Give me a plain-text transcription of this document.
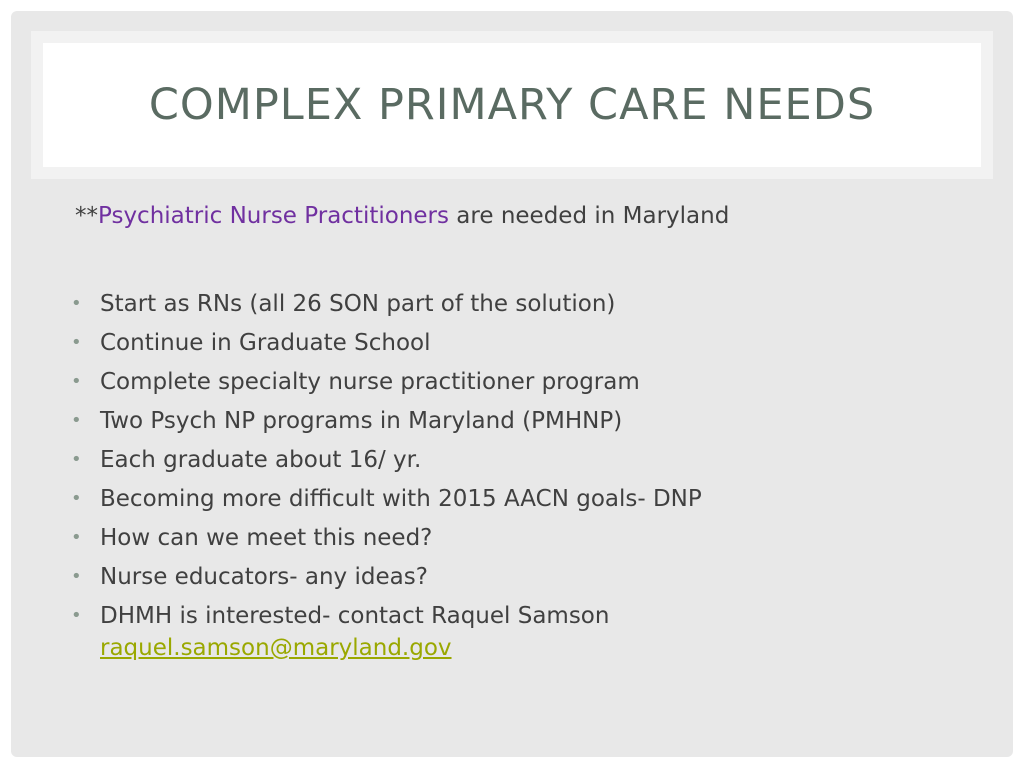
COMPLEX PRIMARY CARE NEEDS
**Psychiatric Nurse Practitioners are needed in Maryland
• Start as RNs (all 26 SON part of the solution)
• Continue in Graduate School
• Complete specialty nurse practitioner program
• Two Psych NP programs in Maryland (PMHNP)
• Each graduate about 16/ yr.
• Becoming more difficult with 2015 AACN goals- DNP
• How can we meet this need?
• Nurse educators- any ideas?
• DHMH is interested- contact Raquel Samson
raquel.samson@maryland.gov
